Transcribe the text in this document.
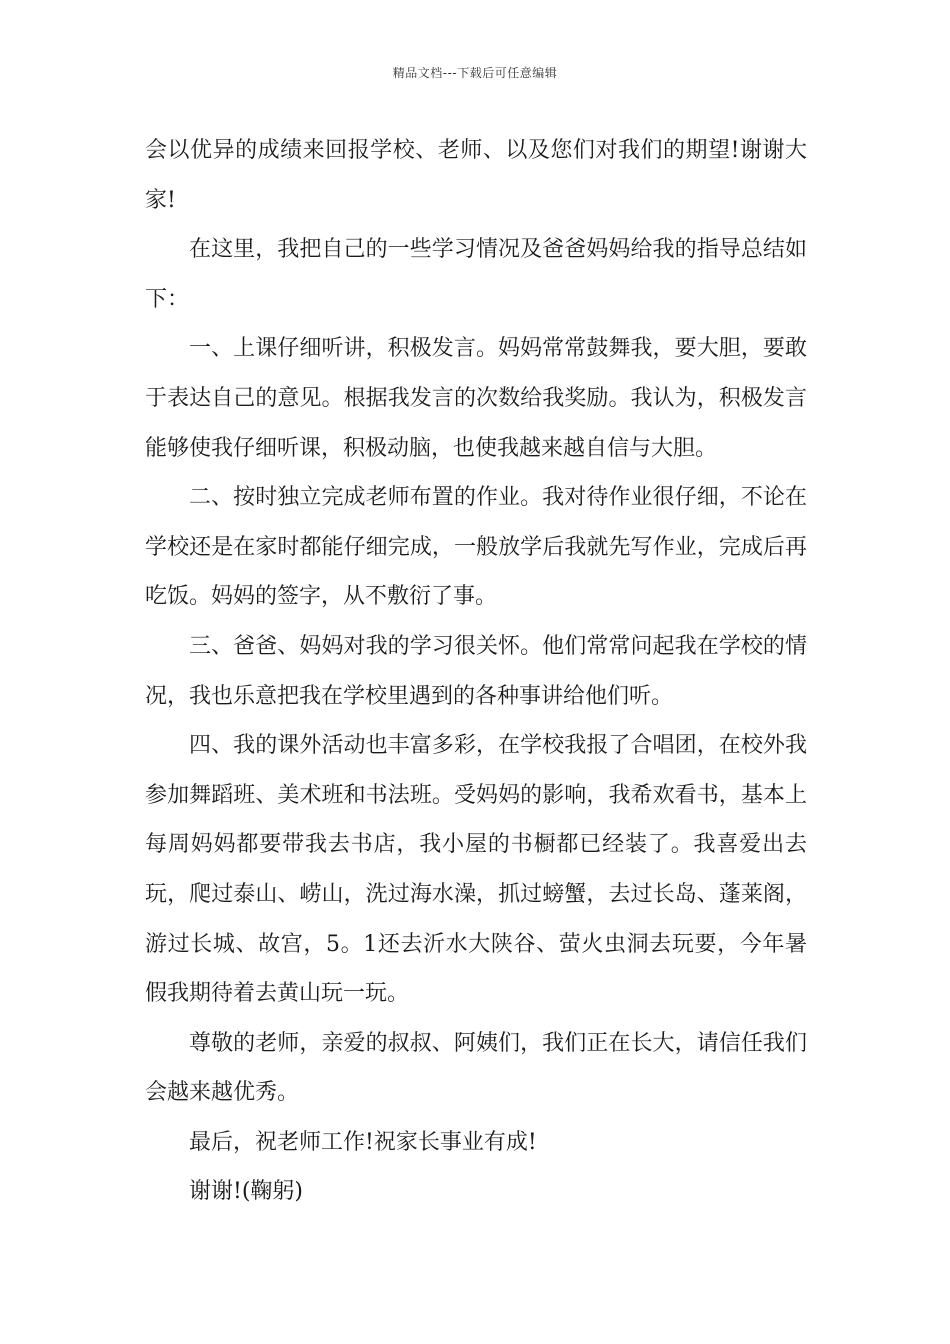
精品文档---下载后可任意编辑

会以优异的成绩来回报学校、老师、以及您们对我们的期望!谢谢大家!

在这里，我把自己的一些学习情况及爸爸妈妈给我的指导总结如下：

一、上课仔细听讲，积极发言。妈妈常常鼓舞我，要大胆，要敢于表达自己的意见。根据我发言的次数给我奖励。我认为，积极发言能够使我仔细听课，积极动脑，也使我越来越自信与大胆。

二、按时独立完成老师布置的作业。我对待作业很仔细，不论在学校还是在家时都能仔细完成，一般放学后我就先写作业，完成后再吃饭。妈妈的签字，从不敷衍了事。

三、爸爸、妈妈对我的学习很关怀。他们常常问起我在学校的情况，我也乐意把我在学校里遇到的各种事讲给他们听。

四、我的课外活动也丰富多彩，在学校我报了合唱团，在校外我参加舞蹈班、美术班和书法班。受妈妈的影响，我希欢看书，基本上每周妈妈都要带我去书店，我小屋的书橱都已经装了。我喜爱出去玩，爬过泰山、崂山，洗过海水澡，抓过螃蟹，去过长岛、蓬莱阁，游过长城、故宫，5。1还去沂水大陕谷、萤火虫洞去玩要，今年暑假我期待着去黄山玩一玩。

尊敬的老师，亲爱的叔叔、阿姨们，我们正在长大，请信任我们会越来越优秀。

最后，祝老师工作!祝家长事业有成!

谢谢!(鞠躬)
